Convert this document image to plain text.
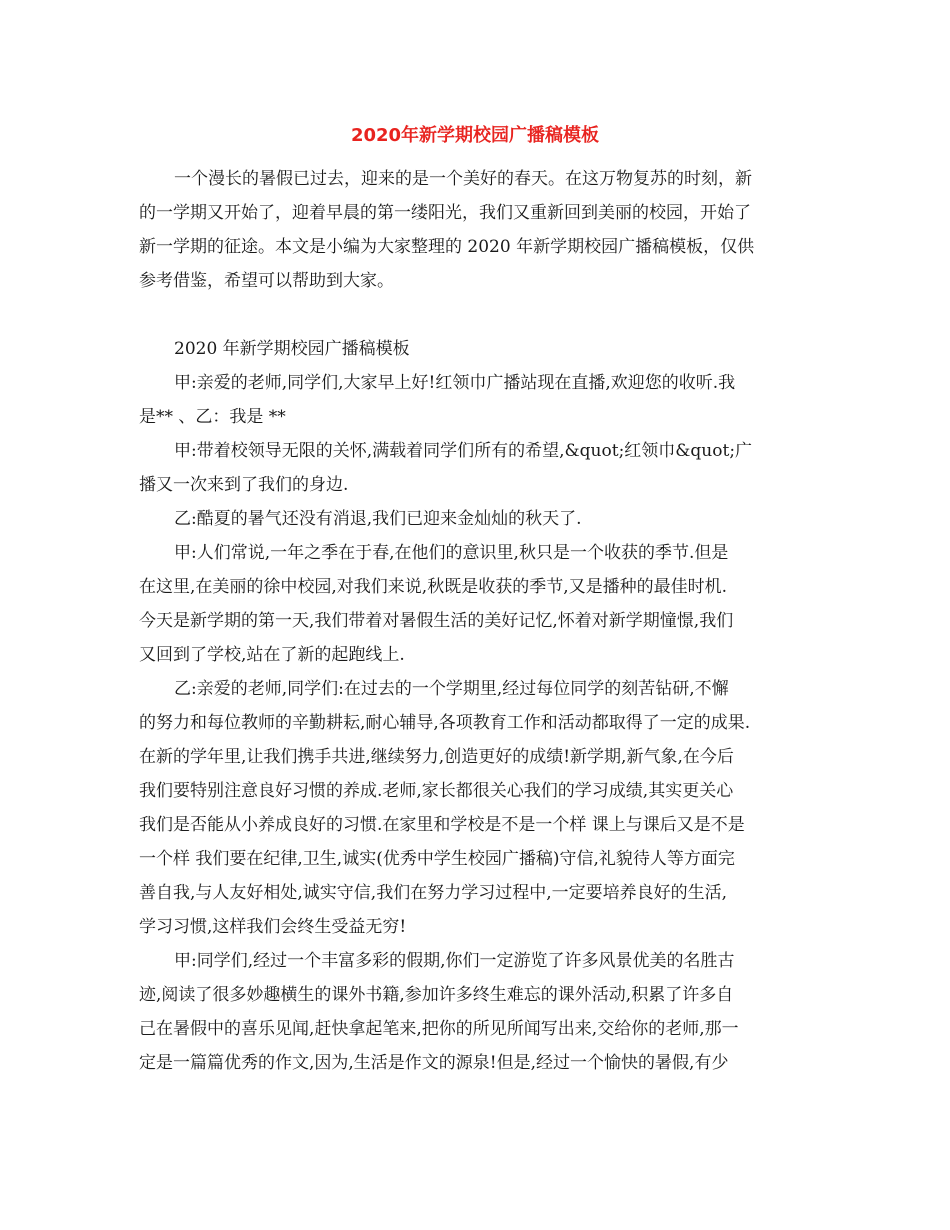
2020年新学期校园广播稿模板
一个漫长的暑假已过去，迎来的是一个美好的春天。在这万物复苏的时刻，新
的一学期又开始了，迎着早晨的第一缕阳光，我们又重新回到美丽的校园，开始了
新一学期的征途。本文是小编为大家整理的 2020 年新学期校园广播稿模板，仅供
参考借鉴，希望可以帮助到大家。
2020 年新学期校园广播稿模板
甲:亲爱的老师,同学们,大家早上好!红领巾广播站现在直播,欢迎您的收听.我
是** 、乙：我是 **
甲:带着校领导无限的关怀,满载着同学们所有的希望,&quot;红领巾&quot;广
播又一次来到了我们的身边.
乙:酷夏的暑气还没有消退,我们已迎来金灿灿的秋天了.
甲:人们常说,一年之季在于春,在他们的意识里,秋只是一个收获的季节.但是
在这里,在美丽的徐中校园,对我们来说,秋既是收获的季节,又是播种的最佳时机.
今天是新学期的第一天,我们带着对暑假生活的美好记忆,怀着对新学期憧憬,我们
又回到了学校,站在了新的起跑线上.
乙:亲爱的老师,同学们:在过去的一个学期里,经过每位同学的刻苦钻研,不懈
的努力和每位教师的辛勤耕耘,耐心辅导,各项教育工作和活动都取得了一定的成果.
在新的学年里,让我们携手共进,继续努力,创造更好的成绩!新学期,新气象,在今后
我们要特别注意良好习惯的养成.老师,家长都很关心我们的学习成绩,其实更关心
我们是否能从小养成良好的习惯.在家里和学校是不是一个样 课上与课后又是不是
一个样 我们要在纪律,卫生,诚实(优秀中学生校园广播稿)守信,礼貌待人等方面完
善自我,与人友好相处,诚实守信,我们在努力学习过程中,一定要培养良好的生活,
学习习惯,这样我们会终生受益无穷!
甲:同学们,经过一个丰富多彩的假期,你们一定游览了许多风景优美的名胜古
迹,阅读了很多妙趣横生的课外书籍,参加许多终生难忘的课外活动,积累了许多自
己在暑假中的喜乐见闻,赶快拿起笔来,把你的所见所闻写出来,交给你的老师,那一
定是一篇篇优秀的作文,因为,生活是作文的源泉!但是,经过一个愉快的暑假,有少
